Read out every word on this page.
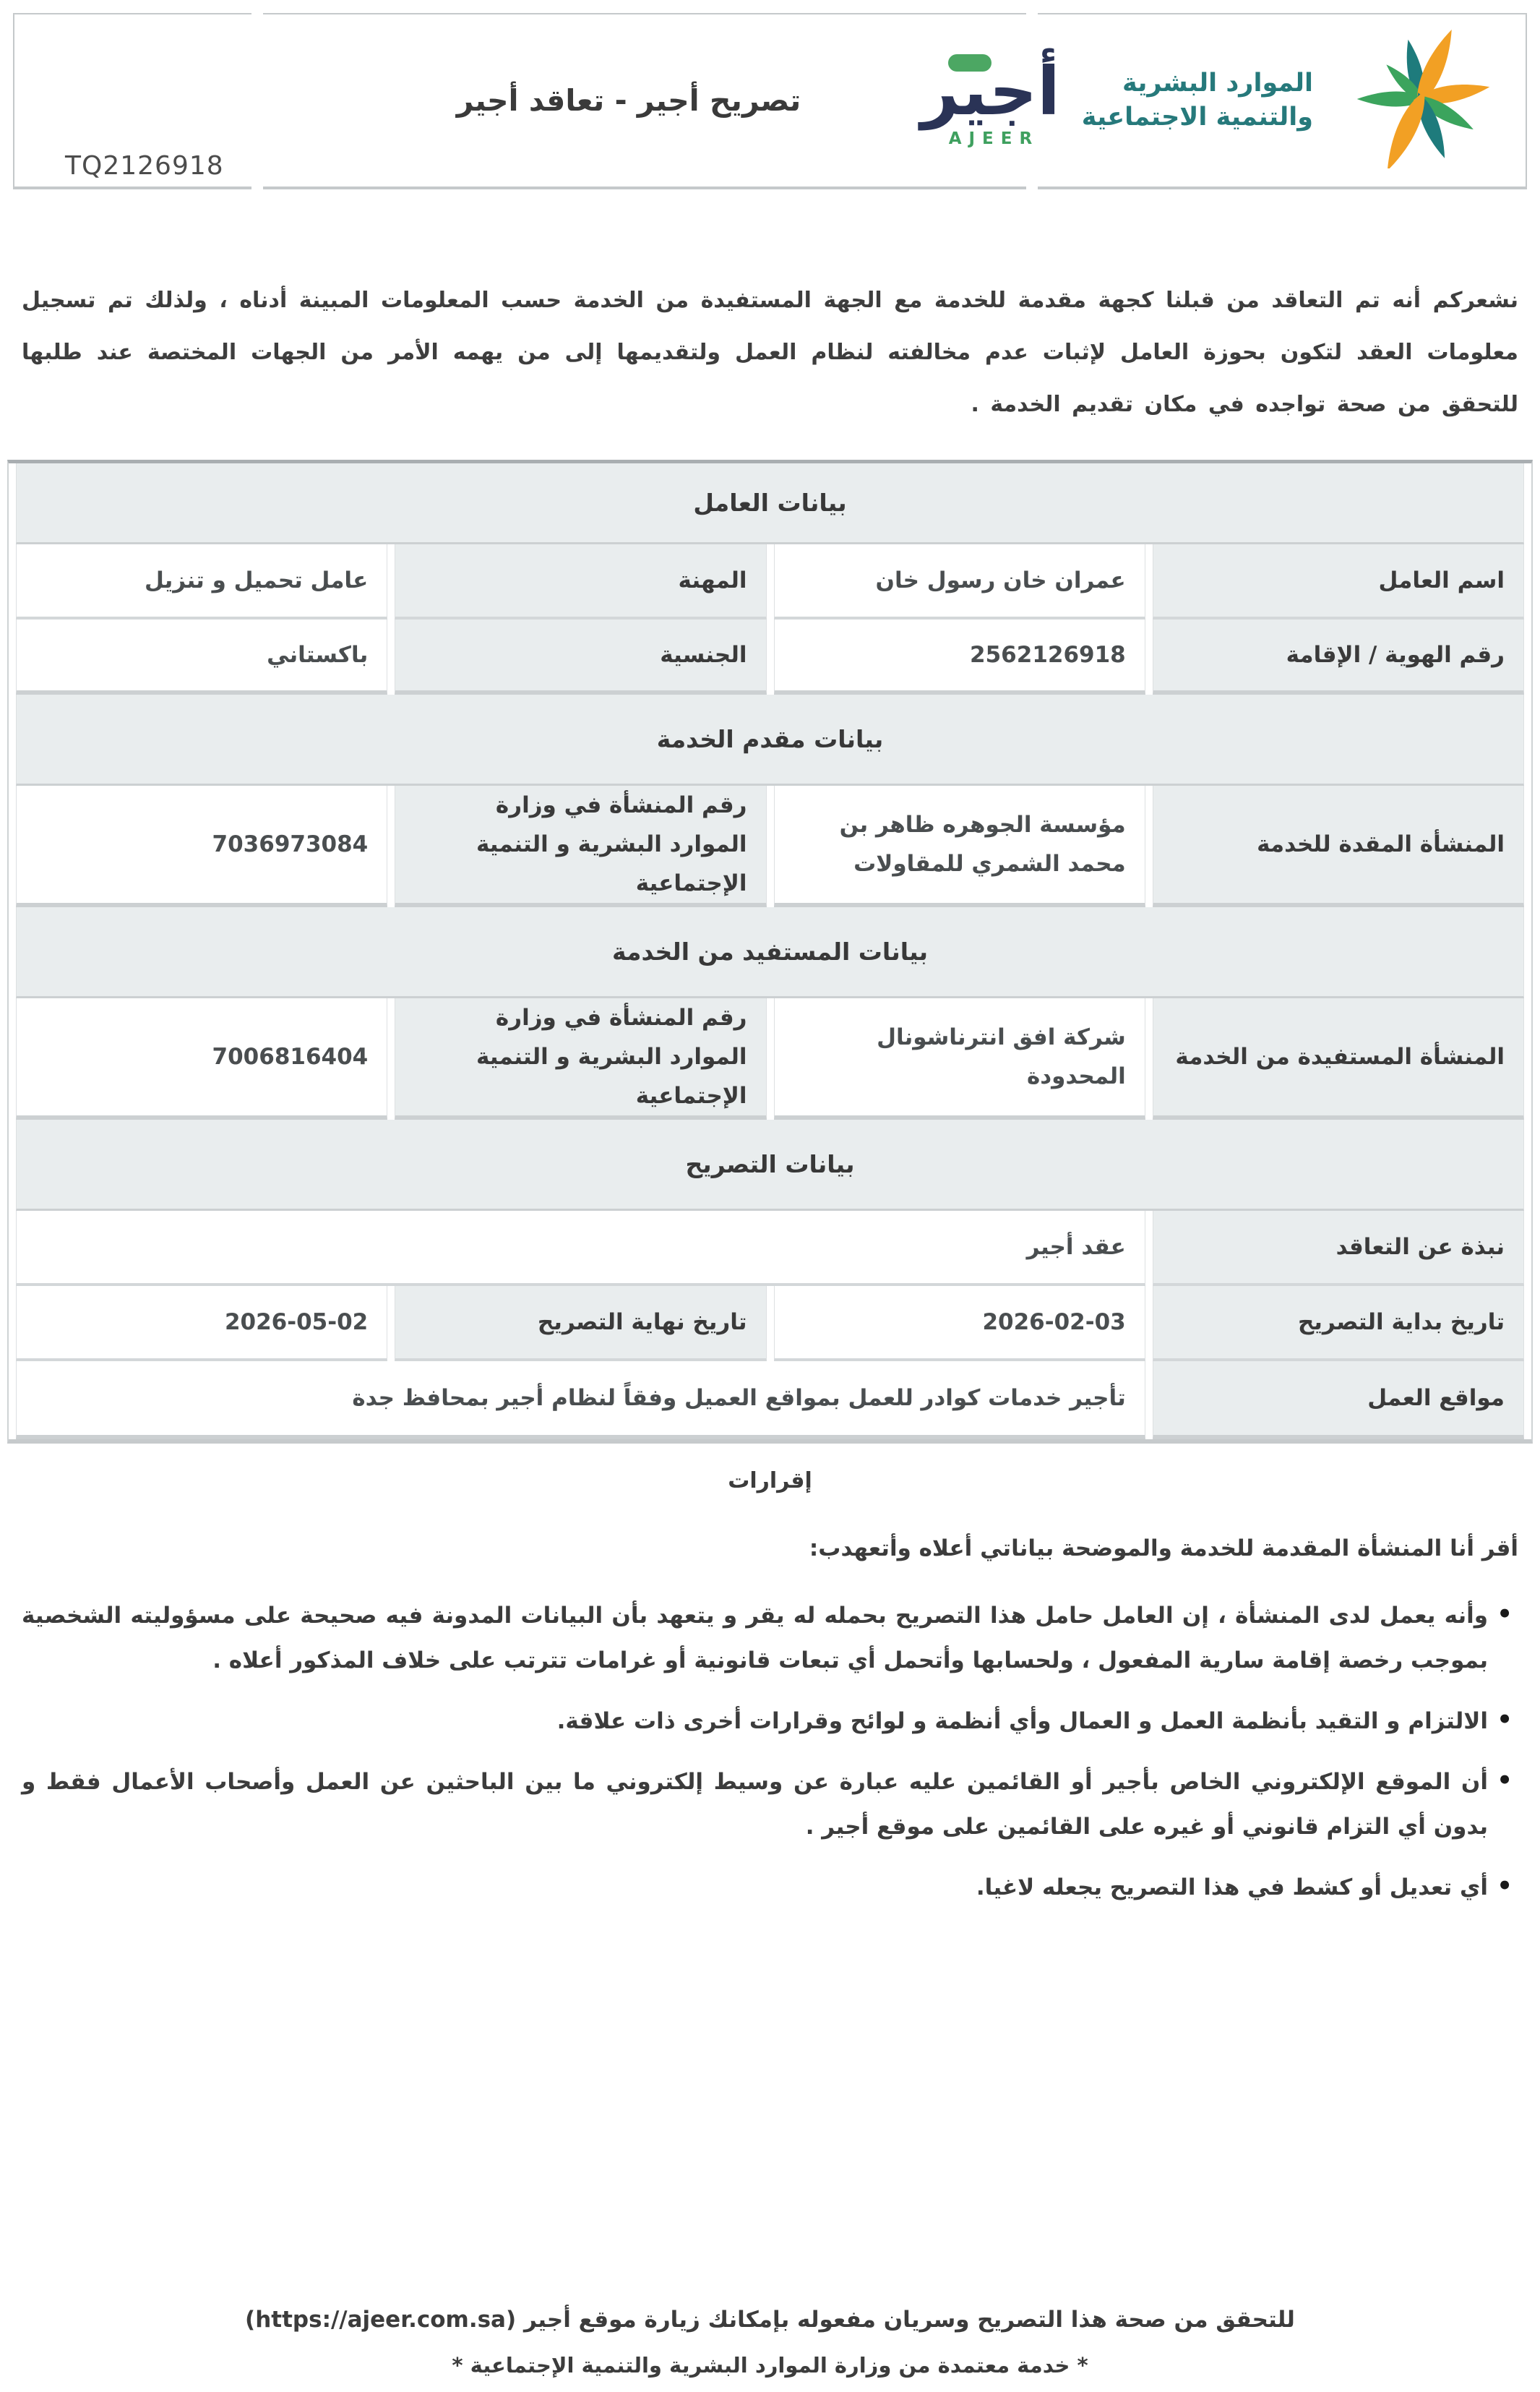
تصريح أجير - تعاقد أجير
TQ2126918
أجير
AJEER
الموارد البشرية
والتنمية الاجتماعية

نشعركم أنه تم التعاقد من قبلنا كجهة مقدمة للخدمة مع الجهة المستفيدة من الخدمة حسب المعلومات المبينة أدناه ، ولذلك تم تسجيل معلومات العقد لتكون بحوزة العامل لإثبات عدم مخالفته لنظام العمل ولتقديمها إلى من يهمه الأمر من الجهات المختصة عند طلبها للتحقق من صحة تواجده في مكان تقديم الخدمة .

بيانات العامل			
اسم العامل	عمران خان رسول خان	المهنة	عامل تحميل و تنزيل
رقم الهوية / الإقامة	2562126918	الجنسية	باكستاني
بيانات مقدم الخدمة			
المنشأة المقدة للخدمة	مؤسسة الجوهره ظاهر بن محمد الشمري للمقاولات	رقم المنشأة في وزارة الموارد البشرية و التنمية الإجتماعية	7036973084
بيانات المستفيد من الخدمة			
المنشأة المستفيدة من الخدمة	شركة افق انترناشونال المحدودة	رقم المنشأة في وزارة الموارد البشرية و التنمية الإجتماعية	7006816404
بيانات التصريح			
نبذة عن التعاقد	عقد أجير		
تاريخ بداية التصريح	2026-02-03	تاريخ نهاية التصريح	2026-05-02
مواقع العمل	تأجير خدمات كوادر للعمل بمواقع العميل وفقاً لنظام أجير بمحافظ جدة		
إقرارات
أقر أنا المنشأة المقدمة للخدمة والموضحة بياناتي أعلاه وأتعهدب:
• وأنه يعمل لدى المنشأة ، إن العامل حامل هذا التصريح بحمله له يقر و يتعهد بأن البيانات المدونة فيه صحيحة على مسؤوليته الشخصية بموجب رخصة إقامة سارية المفعول ، ولحسابها وأتحمل أي تبعات قانونية أو غرامات تترتب على خلاف المذكور أعلاه .
• الالتزام و التقيد بأنظمة العمل و العمال وأي أنظمة و لوائح وقرارات أخرى ذات علاقة.
• أن الموقع الإلكتروني الخاص بأجير أو القائمين عليه عبارة عن وسيط إلكتروني ما بين الباحثين عن العمل وأصحاب الأعمال فقط و بدون أي التزام قانوني أو غيره على القائمين على موقع أجير .
• أي تعديل أو كشط في هذا التصريح يجعله لاغيا.
للتحقق من صحة هذا التصريح وسريان مفعوله بإمكانك زيارة موقع أجير (https://ajeer.com.sa)
* خدمة معتمدة من وزارة الموارد البشرية والتنمية الإجتماعية *
